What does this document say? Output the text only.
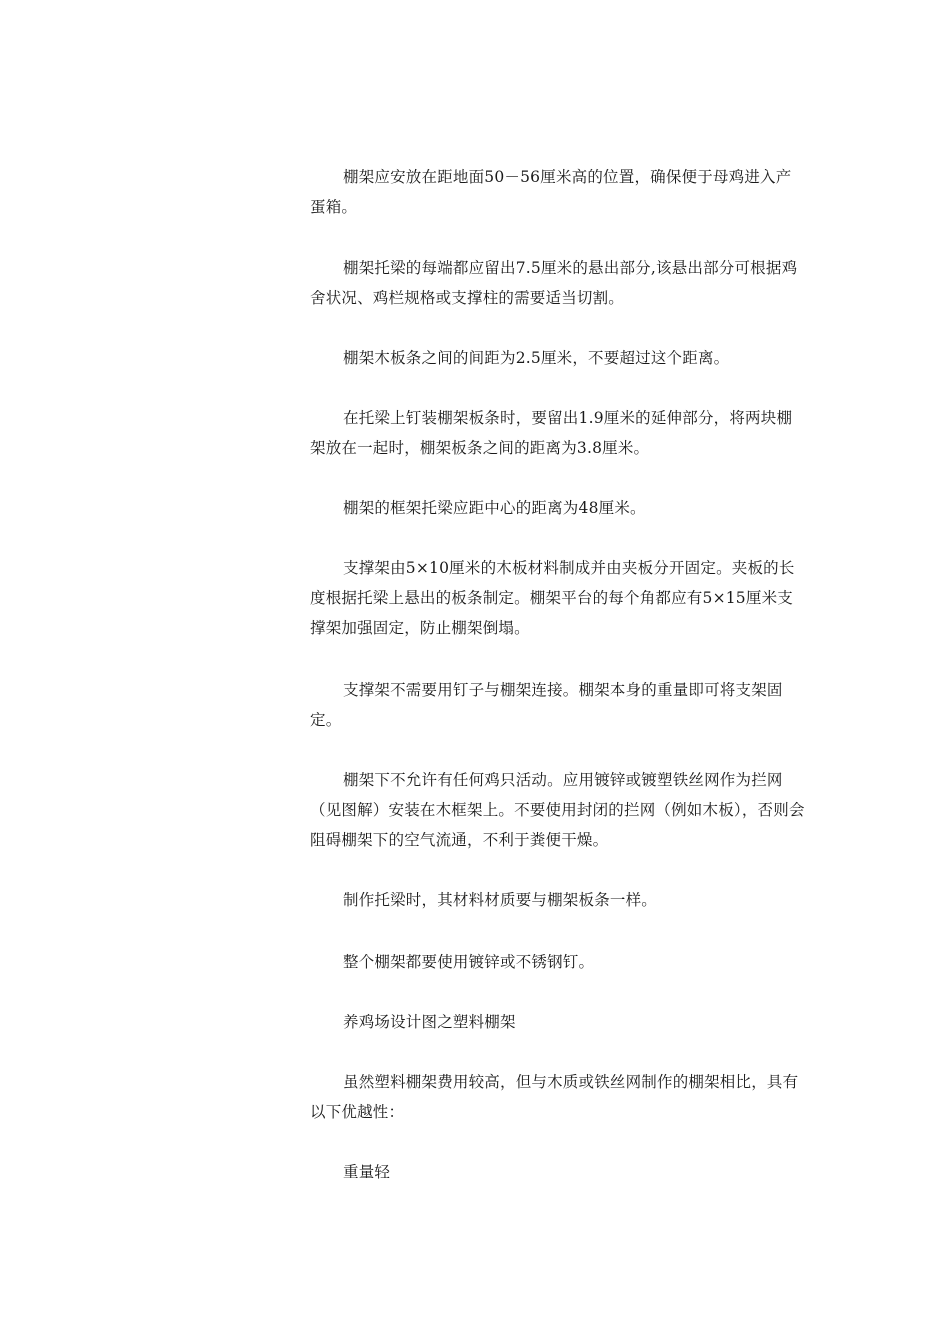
棚架应安放在距地面50－56厘米高的位置，确保便于母鸡进入产蛋箱。

棚架托梁的每端都应留出7.5厘米的悬出部分,该悬出部分可根据鸡舍状况、鸡栏规格或支撑柱的需要适当切割。

棚架木板条之间的间距为2.5厘米，不要超过这个距离。

在托梁上钉装棚架板条时，要留出1.9厘米的延伸部分，将两块棚架放在一起时，棚架板条之间的距离为3.8厘米。

棚架的框架托梁应距中心的距离为48厘米。

支撑架由5×10厘米的木板材料制成并由夹板分开固定。夹板的长度根据托梁上悬出的板条制定。棚架平台的每个角都应有5×15厘米支撑架加强固定，防止棚架倒塌。

支撑架不需要用钉子与棚架连接。棚架本身的重量即可将支架固定。

棚架下不允许有任何鸡只活动。应用镀锌或镀塑铁丝网作为拦网（见图解）安装在木框架上。不要使用封闭的拦网（例如木板），否则会阻碍棚架下的空气流通，不利于粪便干燥。

制作托梁时，其材料材质要与棚架板条一样。

整个棚架都要使用镀锌或不锈钢钉。

养鸡场设计图之塑料棚架

虽然塑料棚架费用较高，但与木质或铁丝网制作的棚架相比，具有以下优越性：

重量轻
